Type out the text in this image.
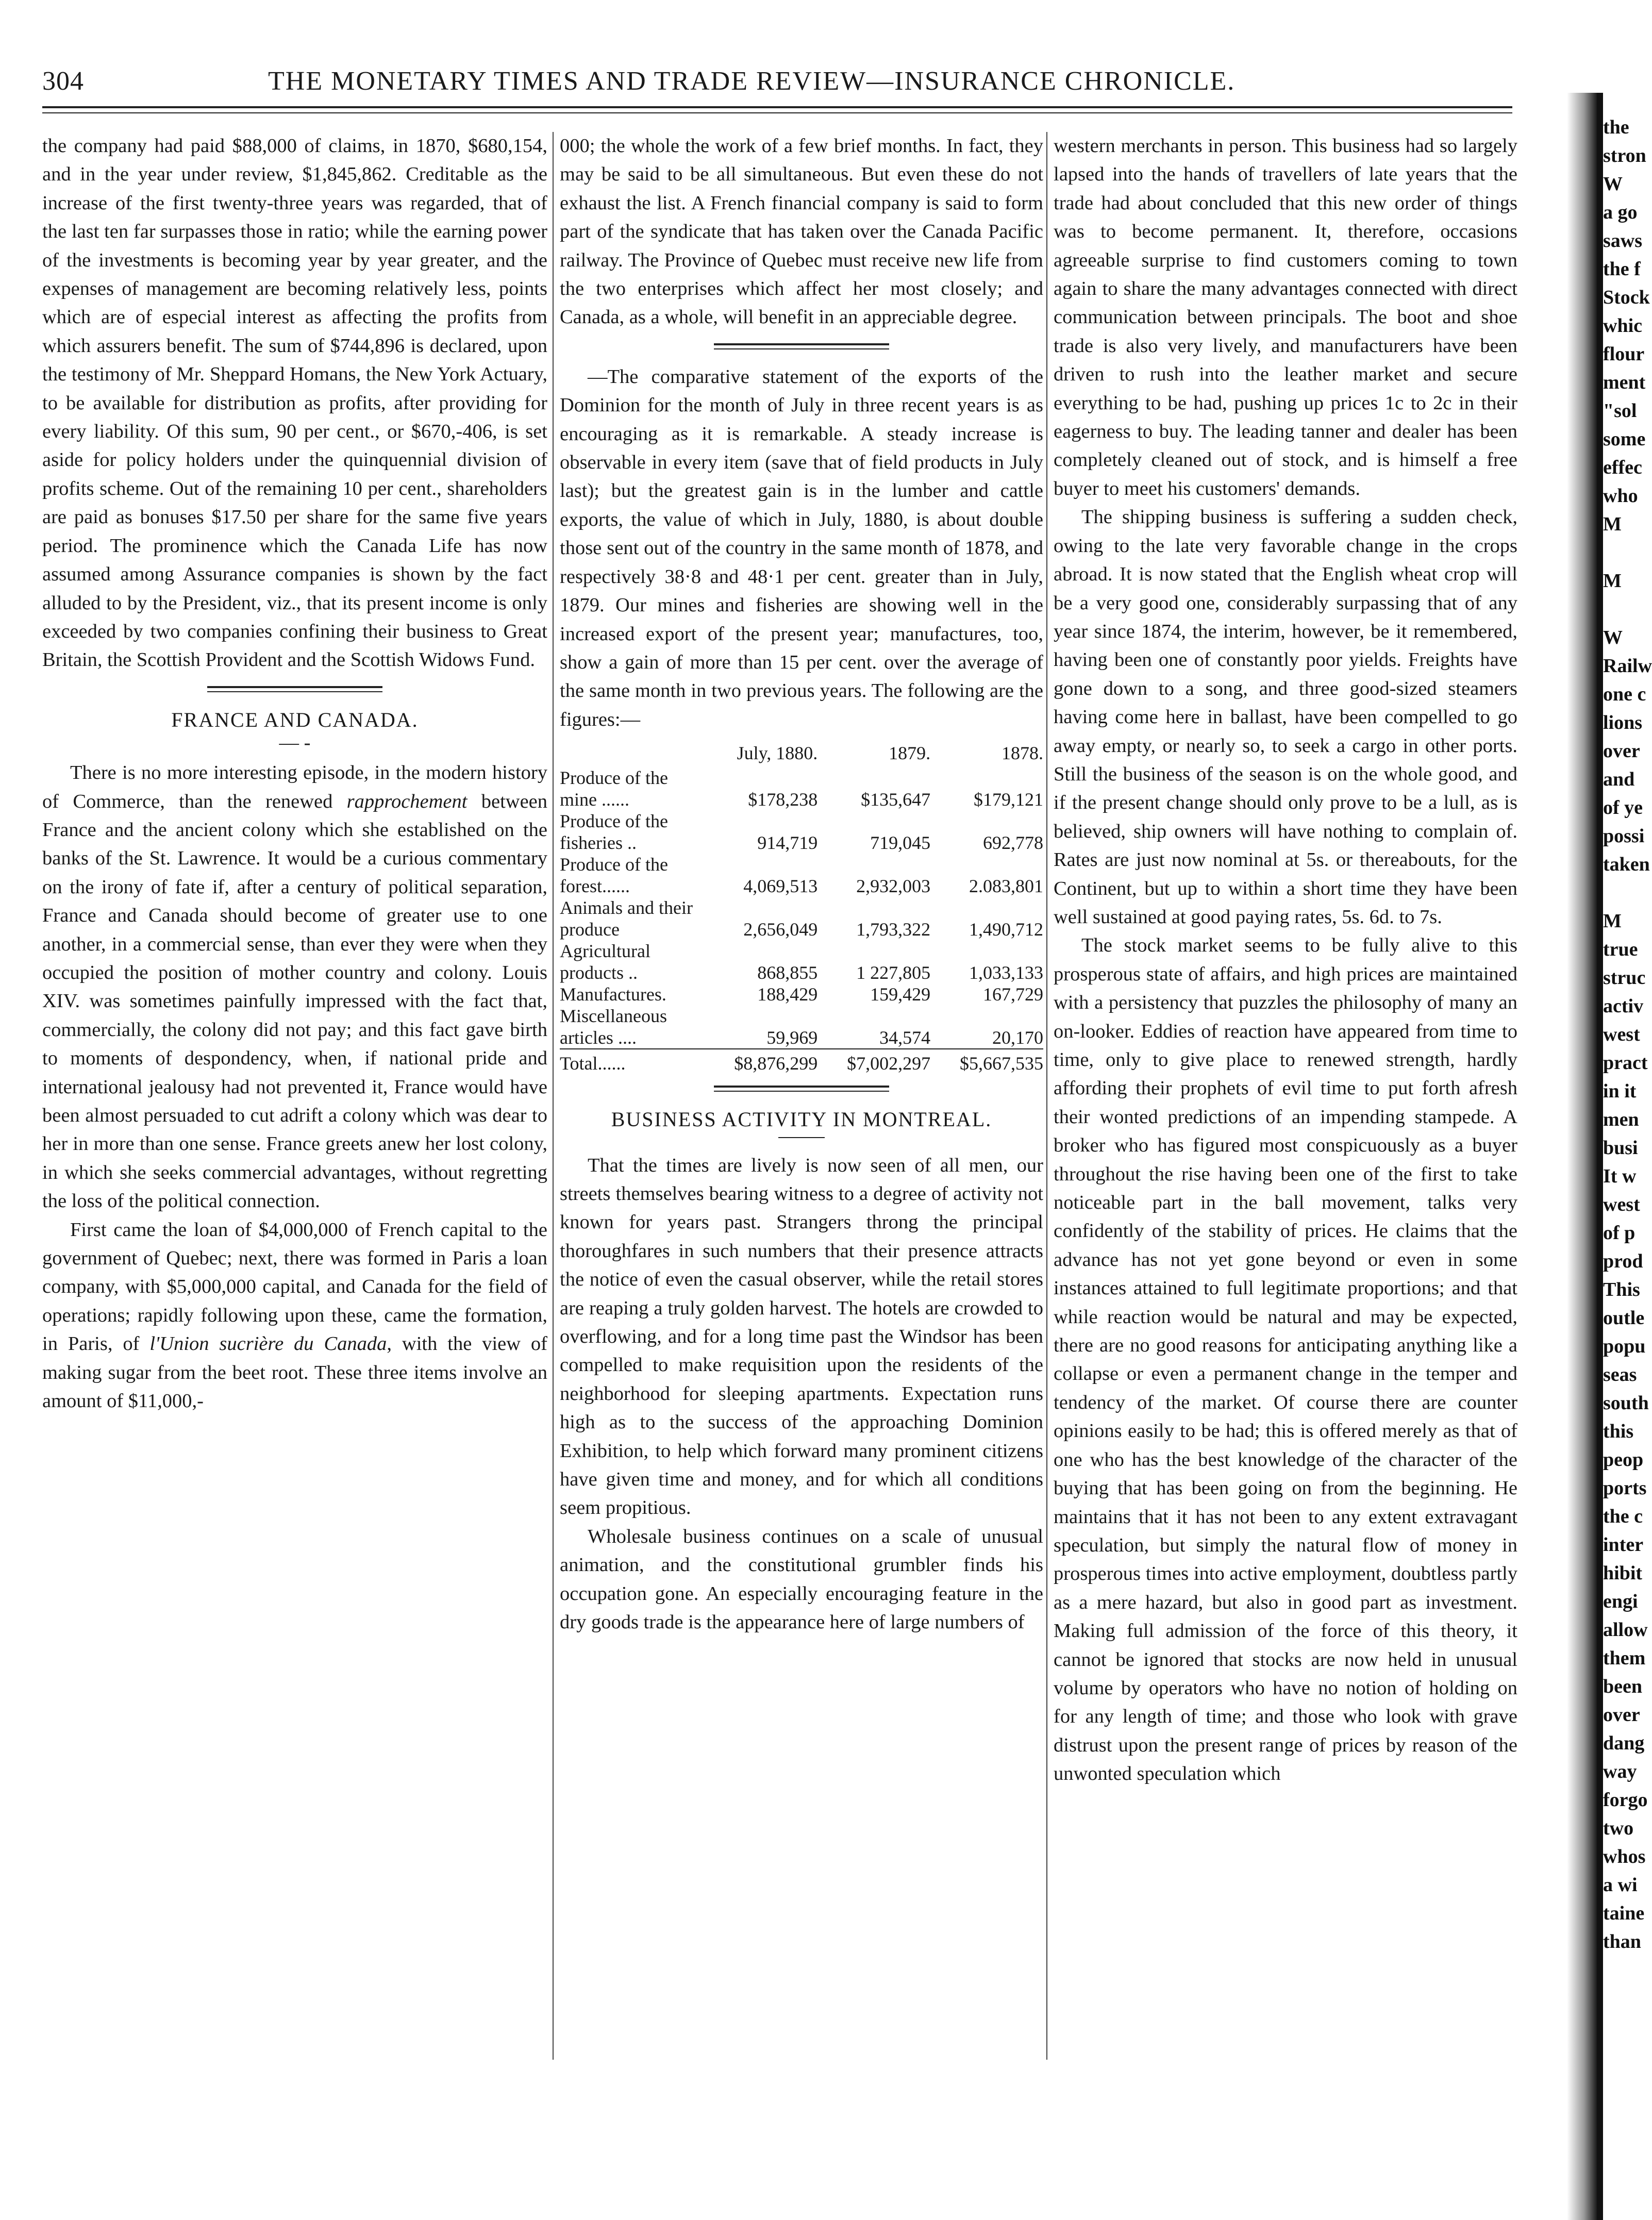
304	THE MONETARY TIMES AND TRADE REVIEW—INSURANCE CHRONICLE.

the company had paid $88,000 of claims, in 1870, $680,154, and in the year under review, $1,845,862. Creditable as the increase of the first twenty-three years was regarded, that of the last ten far surpasses those in ratio; while the earning power of the investments is becoming year by year greater, and the expenses of management are becoming relatively less, points which are of especial interest as affecting the profits from which assurers benefit. The sum of $744,896 is declared, upon the testimony of Mr. Sheppard Homans, the New York Actuary, to be available for distribution as profits, after providing for every liability. Of this sum, 90 per cent., or $670,-406, is set aside for policy holders under the quinquennial division of profits scheme. Out of the remaining 10 per cent., shareholders are paid as bonuses $17.50 per share for the same five years period. The prominence which the Canada Life has now assumed among Assurance companies is shown by the fact alluded to by the President, viz., that its present income is only exceeded by two companies confining their business to Great Britain, the Scottish Provident and the Scottish Widows Fund.

FRANCE AND CANADA.

— -

There is no more interesting episode, in the modern history of Commerce, than the renewed rapprochement between France and the ancient colony which she established on the banks of the St. Lawrence. It would be a curious commentary on the irony of fate if, after a century of political separation, France and Canada should become of greater use to one another, in a commercial sense, than ever they were when they occupied the position of mother country and colony. Louis XIV. was sometimes painfully impressed with the fact that, commercially, the colony did not pay; and this fact gave birth to moments of despondency, when, if national pride and international jealousy had not prevented it, France would have been almost persuaded to cut adrift a colony which was dear to her in more than one sense. France greets anew her lost colony, in which she seeks commercial advantages, without regretting the loss of the political connection.

First came the loan of $4,000,000 of French capital to the government of Quebec; next, there was formed in Paris a loan company, with $5,000,000 capital, and Canada for the field of operations; rapidly following upon these, came the formation, in Paris, of l'Union sucrière du Canada, with the view of making sugar from the beet root. These three items involve an amount of $11,000,-

000; the whole the work of a few brief months. In fact, they may be said to be all simultaneous. But even these do not exhaust the list. A French financial company is said to form part of the syndicate that has taken over the Canada Pacific railway. The Province of Quebec must receive new life from the two enterprises which affect her most closely; and Canada, as a whole, will benefit in an appreciable degree.

—The comparative statement of the exports of the Dominion for the month of July in three recent years is as encouraging as it is remarkable. A steady increase is observable in every item (save that of field products in July last); but the greatest gain is in the lumber and cattle exports, the value of which in July, 1880, is about double those sent out of the country in the same month of 1878, and respectively 38·8 and 48·1 per cent. greater than in July, 1879. Our mines and fisheries are showing well in the increased export of the present year; manufactures, too, show a gain of more than 15 per cent. over the average of the same month in two previous years. The following are the figures:—

	July, 1880.	1879.	1878.
Produce of the mine ......	$178,238	$135,647	$179,121
Produce of the fisheries ..	914,719	719,045	692,778
Produce of the forest......	4,069,513	2,932,003	2.083,801
Animals and their produce	2,656,049	1,793,322	1,490,712
Agricultural products ..	868,855	1 227,805	1,033,133
Manufactures.	188,429	159,429	167,729
Miscellaneous articles ....	59,969	34,574	20,170

Total......	$8,876,299	$7,002,297	$5,667,535

BUSINESS ACTIVITY IN MONTREAL.

That the times are lively is now seen of all men, our streets themselves bearing witness to a degree of activity not known for years past. Strangers throng the principal thoroughfares in such numbers that their presence attracts the notice of even the casual observer, while the retail stores are reaping a truly golden harvest. The hotels are crowded to overflowing, and for a long time past the Windsor has been compelled to make requisition upon the residents of the neighborhood for sleeping apartments. Expectation runs high as to the success of the approaching Dominion Exhibition, to help which forward many prominent citizens have given time and money, and for which all conditions seem propitious.

Wholesale business continues on a scale of unusual animation, and the constitutional grumbler finds his occupation gone. An especially encouraging feature in the dry goods trade is the appearance here of large numbers of

western merchants in person. This business had so largely lapsed into the hands of travellers of late years that the trade had about concluded that this new order of things was to become permanent. It, therefore, occasions agreeable surprise to find customers coming to town again to share the many advantages connected with direct communication between principals. The boot and shoe trade is also very lively, and manufacturers have been driven to rush into the leather market and secure everything to be had, pushing up prices 1c to 2c in their eagerness to buy. The leading tanner and dealer has been completely cleaned out of stock, and is himself a free buyer to meet his customers' demands.

The shipping business is suffering a sudden check, owing to the late very favorable change in the crops abroad. It is now stated that the English wheat crop will be a very good one, considerably surpassing that of any year since 1874, the interim, however, be it remembered, having been one of constantly poor yields. Freights have gone down to a song, and three good-sized steamers having come here in ballast, have been compelled to go away empty, or nearly so, to seek a cargo in other ports. Still the business of the season is on the whole good, and if the present change should only prove to be a lull, as is believed, ship owners will have nothing to complain of. Rates are just now nominal at 5s. or thereabouts, for the Continent, but up to within a short time they have been well sustained at good paying rates, 5s. 6d. to 7s.

The stock market seems to be fully alive to this prosperous state of affairs, and high prices are maintained with a persistency that puzzles the philosophy of many an on-looker. Eddies of reaction have appeared from time to time, only to give place to renewed strength, hardly affording their prophets of evil time to put forth afresh their wonted predictions of an impending stampede. A broker who has figured most conspicuously as a buyer throughout the rise having been one of the first to take noticeable part in the ball movement, talks very confidently of the stability of prices. He claims that the advance has not yet gone beyond or even in some instances attained to full legitimate proportions; and that while reaction would be natural and may be expected, there are no good reasons for anticipating anything like a collapse or even a permanent change in the temper and tendency of the market. Of course there are counter opinions easily to be had; this is offered merely as that of one who has the best knowledge of the character of the buying that has been going on from the beginning. He maintains that it has not been to any extent extravagant speculation, but simply the natural flow of money in prosperous times into active employment, doubtless partly as a mere hazard, but also in good part as investment. Making full admission of the force of this theory, it cannot be ignored that stocks are now held in unusual volume by operators who have no notion of holding on for any length of time; and those who look with grave distrust upon the present range of prices by reason of the unwonted speculation which

the
stron
W
a go
saws
the f
Stock
whic
flour
ment
"sol
some
effec
who
M

M

W
Railw
one c
lions
over
and
of ye
possi
taken

M
true
struc
activ
west
pract
in it
men
busi
It w
west
of p
prod
This
outle
popu
seas
south
this
peop
ports
the c
inter
hibit
engi
allow
them
been
over
dang
way
forgo
two
whos
a wi
taine
than
